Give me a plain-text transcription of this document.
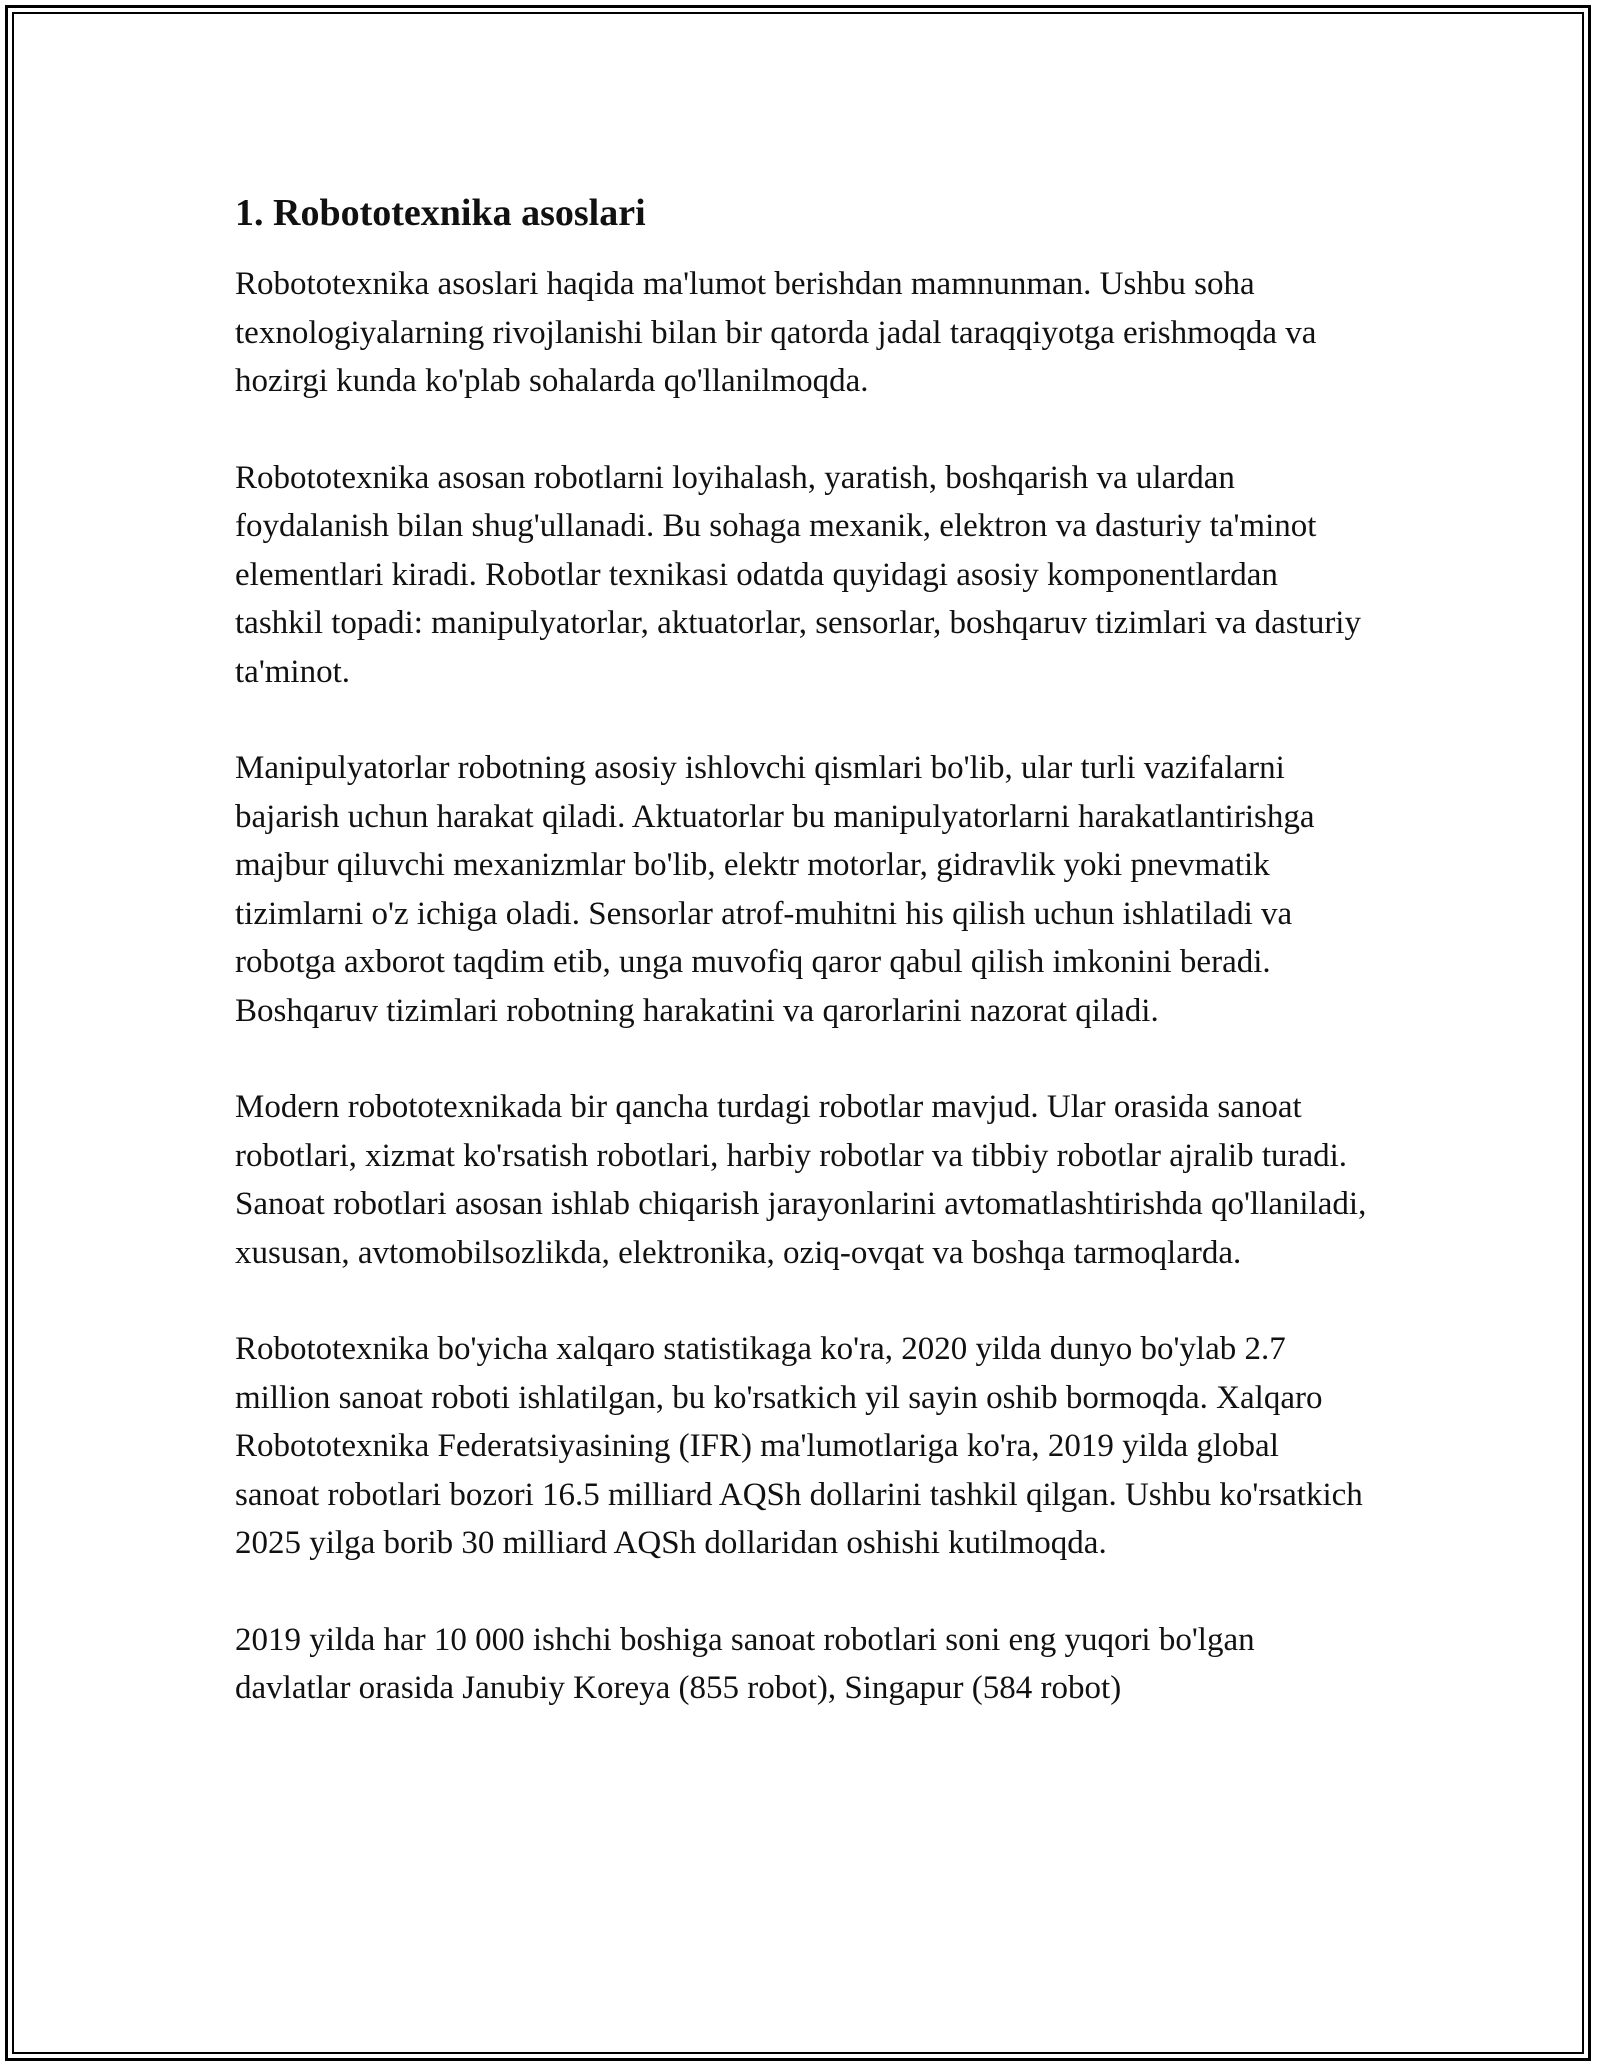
1. Robototexnika asoslari

Robototexnika asoslari haqida ma'lumot berishdan mamnunman. Ushbu soha texnologiyalarning rivojlanishi bilan bir qatorda jadal taraqqiyotga erishmoqda va hozirgi kunda ko'plab sohalarda qo'llanilmoqda.

Robototexnika asosan robotlarni loyihalash, yaratish, boshqarish va ulardan foydalanish bilan shug'ullanadi. Bu sohaga mexanik, elektron va dasturiy ta'minot elementlari kiradi. Robotlar texnikasi odatda quyidagi asosiy komponentlardan tashkil topadi: manipulyatorlar, aktuatorlar, sensorlar, boshqaruv tizimlari va dasturiy ta'minot.

Manipulyatorlar robotning asosiy ishlovchi qismlari bo'lib, ular turli vazifalarni bajarish uchun harakat qiladi. Aktuatorlar bu manipulyatorlarni harakatlantirishga majbur qiluvchi mexanizmlar bo'lib, elektr motorlar, gidravlik yoki pnevmatik tizimlarni o'z ichiga oladi. Sensorlar atrof-muhitni his qilish uchun ishlatiladi va robotga axborot taqdim etib, unga muvofiq qaror qabul qilish imkonini beradi. Boshqaruv tizimlari robotning harakatini va qarorlarini nazorat qiladi.

Modern robototexnikada bir qancha turdagi robotlar mavjud. Ular orasida sanoat robotlari, xizmat ko'rsatish robotlari, harbiy robotlar va tibbiy robotlar ajralib turadi. Sanoat robotlari asosan ishlab chiqarish jarayonlarini avtomatlashtirishda qo'llaniladi, xususan, avtomobilsozlikda, elektronika, oziq-ovqat va boshqa tarmoqlarda.

Robototexnika bo'yicha xalqaro statistikaga ko'ra, 2020 yilda dunyo bo'ylab 2.7 million sanoat roboti ishlatilgan, bu ko'rsatkich yil sayin oshib bormoqda. Xalqaro Robototexnika Federatsiyasining (IFR) ma'lumotlariga ko'ra, 2019 yilda global sanoat robotlari bozori 16.5 milliard AQSh dollarini tashkil qilgan. Ushbu ko'rsatkich 2025 yilga borib 30 milliard AQSh dollaridan oshishi kutilmoqda.

2019 yilda har 10 000 ishchi boshiga sanoat robotlari soni eng yuqori bo'lgan davlatlar orasida Janubiy Koreya (855 robot), Singapur (584 robot)
